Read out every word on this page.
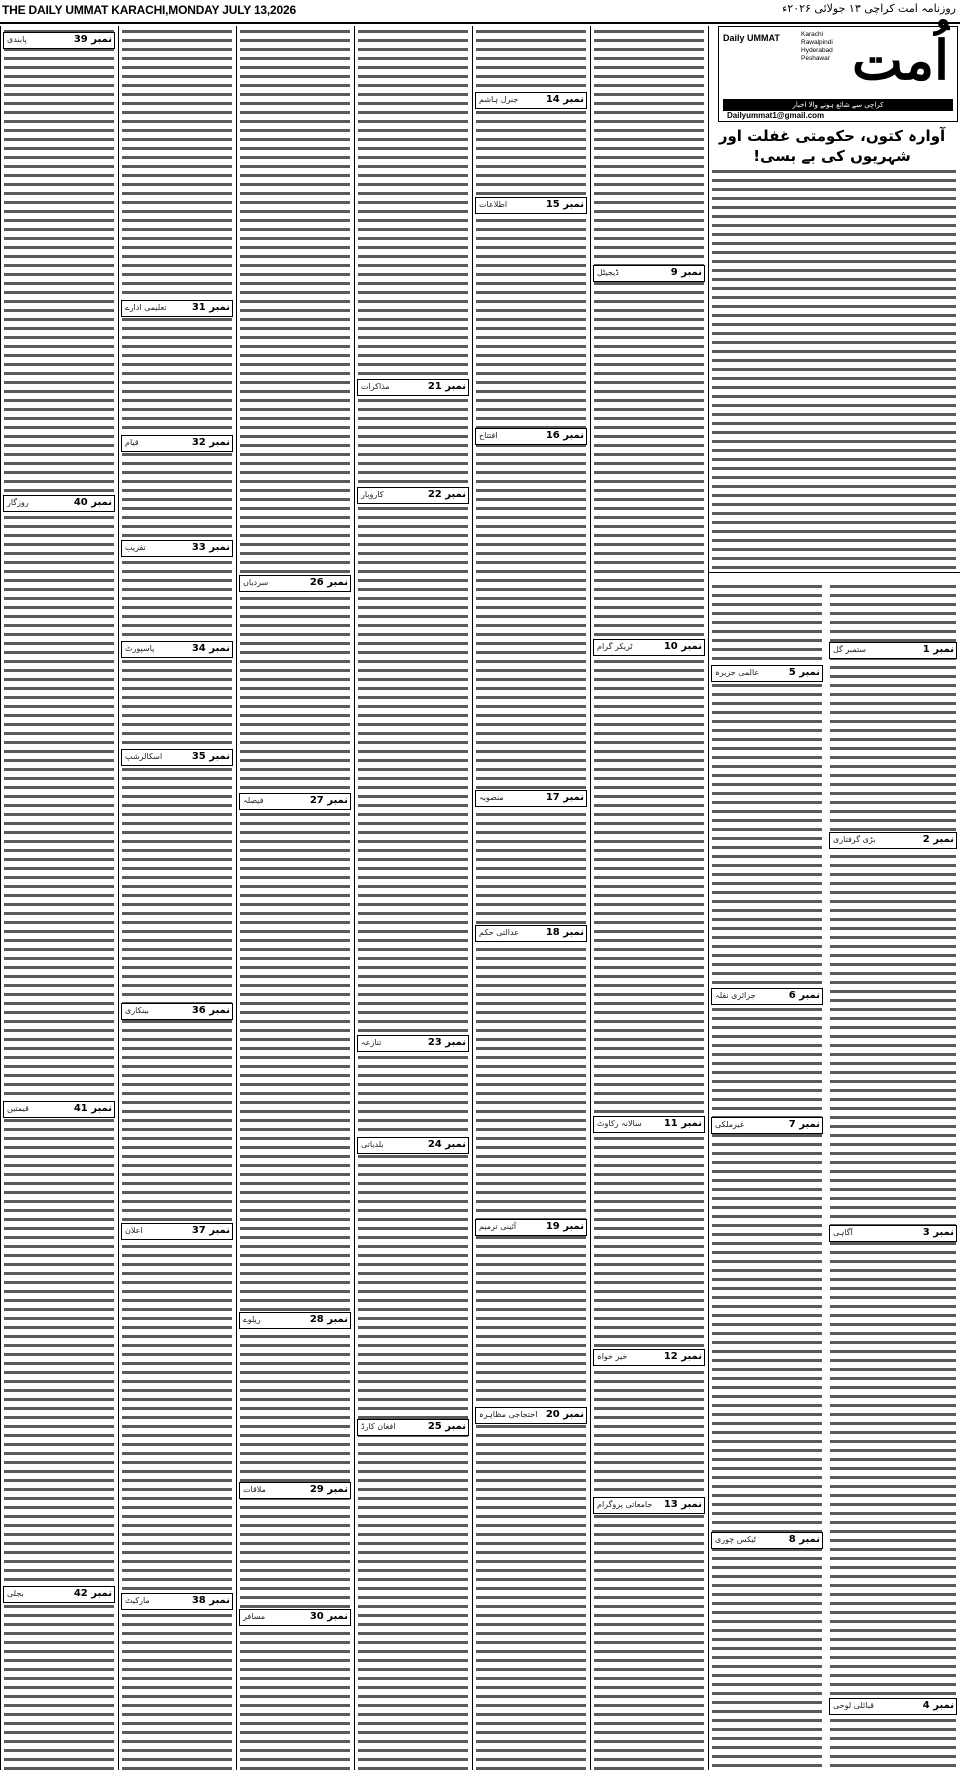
THE DAILY UMMAT KARACHI,MONDAY JULY 13,2026	روزنامہ امت کراچی ۱۳ جولائی ۲۰۲۶ء
Daily UMMAT	Karachi
Rawalpindi
Hyderabad
Peshawar اُمت
کراچی سے شائع ہونے والا اخبار
Dailyummat1@gmail.com
آوارہ کتوں، حکومتی غفلت اور شہریوں کی بے بسی!
نمبر 1
ستمبر گل
نمبر 2
بڑی گرفتاری
نمبر 3
آگاہی
نمبر 4
قبائلی لوحی
نمبر 5
عالمی جزیرہ
نمبر 6
جزائری نقلہ
نمبر 7
غیرملکی
نمبر 8
ٹیکس چوری
نمبر 9
ڈیجیٹل
نمبر 10
ٹریکر گرام
نمبر 11
سالانہ رکاوٹ
نمبر 12
خیر خواہ
نمبر 13
جامعاتی پروگرام
نمبر 14
جنرل ہاشم
نمبر 15
اطلاعات
نمبر 16
افتتاح
نمبر 17
منصوبہ
نمبر 18
عدالتی حکم
نمبر 19
آئینی ترمیم
نمبر 20
احتجاجی مظاہرہ
نمبر 21
مذاکرات
نمبر 22
کاروبار
نمبر 23
تنازعہ
نمبر 24
بلدیاتی
نمبر 25
افغان کارڈ
نمبر 26
سردیاں
نمبر 27
فیصلہ
نمبر 28
ریلوے
نمبر 29
ملاقات
نمبر 30
مسافر
نمبر 31
تعلیمی ادارے
نمبر 32
قیام
نمبر 33
تقریب
نمبر 34
پاسپورٹ
نمبر 35
اسکالرشپ
نمبر 36
بینکاری
نمبر 37
اعلان
نمبر 38
مارکیٹ
نمبر 39
پابندی
نمبر 40
روزگار
نمبر 41
قیمتیں
نمبر 42
بجلی
